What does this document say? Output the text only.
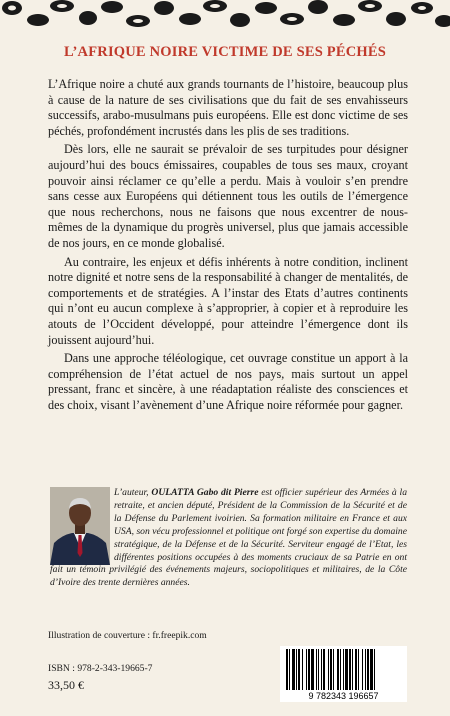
L’AFRIQUE NOIRE VICTIME DE SES PÉCHÉS

L’Afrique noire a chuté aux grands tournants de l’histoire, beaucoup plus à cause de la nature de ses civilisations que du fait de ses envahisseurs successifs, arabo-musulmans puis européens. Elle est donc victime de ses péchés, profondément incrustés dans les plis de ses traditions.

Dès lors, elle ne saurait se prévaloir de ses turpitudes pour désigner aujourd’hui des boucs émissaires, coupables de tous ses maux, croyant pouvoir ainsi réclamer ce qu’elle a perdu. Mais à vouloir s’en prendre sans cesse aux Européens qui détiennent tous les outils de l’émergence que nous recherchons, nous ne faisons que nous excentrer de nous-mêmes de la dynamique du progrès universel, plus que jamais accessible de nos jours, en ce monde globalisé.

Au contraire, les enjeux et défis inhérents à notre condition, inclinent notre dignité et notre sens de la responsabilité à changer de mentalités, de comportements et de stratégies. A l’instar des Etats d’autres continents qui n’ont eu aucun complexe à s’approprier, à copier et à reproduire les atouts de l’Occident développé, pour atteindre l’émergence dont ils jouissent aujourd’hui.

Dans une approche téléologique, cet ouvrage constitue un apport à la compréhension de l’état actuel de nos pays, mais surtout un appel pressant, franc et sincère, à une réadaptation réaliste des consciences et des choix, visant l’avènement d’une Afrique noire réformée pour gagner.

L’auteur, OULATTA Gabo dit Pierre est officier supérieur des Armées à la retraite, et ancien député, Président de la Commission de la Sécurité et de la Défense du Parlement ivoirien. Sa formation militaire en France et aux USA, son vécu professionnel et politique ont forgé son expertise du domaine stratégique, de la Défense et de la Sécurité. Serviteur engagé de l’Etat, les différentes positions occupées à des moments cruciaux de sa Patrie en ont fait un témoin privilégié des événements majeurs, sociopolitiques et militaires, de la Côte d’Ivoire des trente dernières années.
Illustration de couverture : fr.freepik.com
ISBN : 978-2-343-19665-7
33,50 €
9 782343 196657
